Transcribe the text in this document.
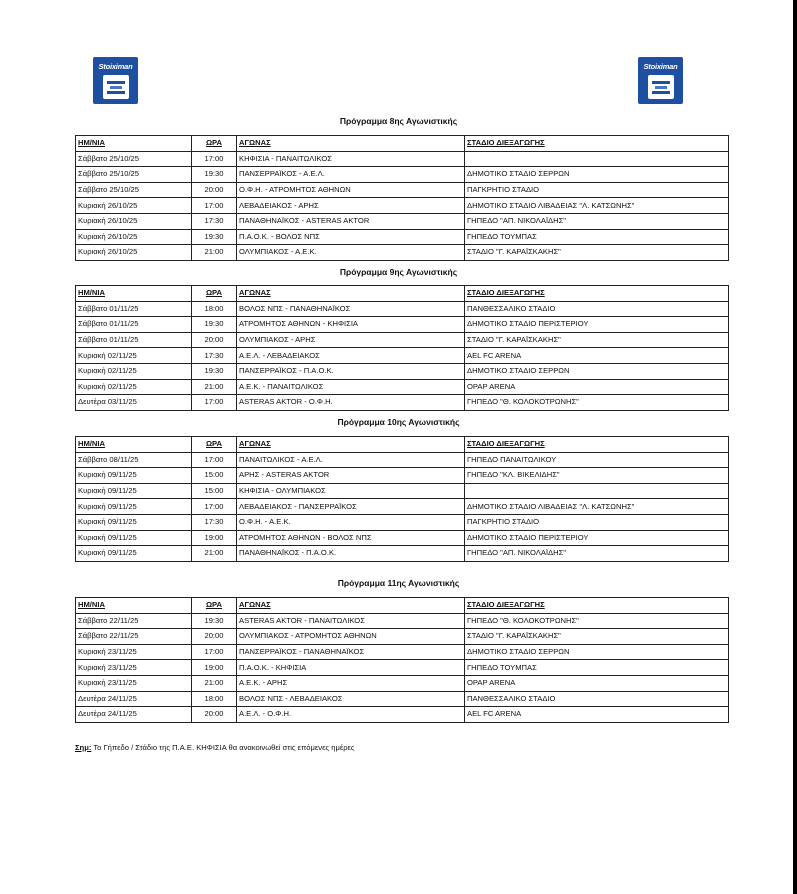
Stoiximan	Stoiximan
Πρόγραμμα 8ης Αγωνιστικής
ΗΜ/ΝΙΑ	ΩΡΑ	ΑΓΩΝΑΣ	ΣΤΑΔΙΟ ΔΙΕΞΑΓΩΓΗΣ
Σάββατο 25/10/25	17:00	ΚΗΦΙΣΙΑ - ΠΑΝΑΙΤΩΛΙΚΟΣ	
Σάββατο 25/10/25	19:30	ΠΑΝΣΕΡΡΑΪΚΟΣ - Α.Ε.Λ.	ΔΗΜΟΤΙΚΟ ΣΤΑΔΙΟ ΣΕΡΡΩΝ
Σάββατο 25/10/25	20:00	Ο.Φ.Η. - ΑΤΡΟΜΗΤΟΣ ΑΘΗΝΩΝ	ΠΑΓΚΡΗΤΙΟ ΣΤΑΔΙΟ
Κυριακή 26/10/25	17:00	ΛΕΒΑΔΕΙΑΚΟΣ - ΑΡΗΣ	ΔΗΜΟΤΙΚΟ ΣΤΑΔΙΟ ΛΙΒΑΔΕΙΑΣ "Λ. ΚΑΤΣΩΝΗΣ"
Κυριακή 26/10/25	17:30	ΠΑΝΑΘΗΝΑΪΚΟΣ - ASTERAS AKTOR	ΓΗΠΕΔΟ "ΑΠ. ΝΙΚΟΛΑΪΔΗΣ"
Κυριακή 26/10/25	19:30	Π.Α.Ο.Κ. - ΒΟΛΟΣ ΝΠΣ	ΓΗΠΕΔΟ ΤΟΥΜΠΑΣ
Κυριακή 26/10/25	21:00	ΟΛΥΜΠΙΑΚΟΣ - Α.Ε.Κ.	ΣΤΑΔΙΟ "Γ. ΚΑΡΑΪΣΚΑΚΗΣ"
Πρόγραμμα 9ης Αγωνιστικής
ΗΜ/ΝΙΑ	ΩΡΑ	ΑΓΩΝΑΣ	ΣΤΑΔΙΟ ΔΙΕΞΑΓΩΓΗΣ
Σάββατο 01/11/25	18:00	ΒΟΛΟΣ ΝΠΣ - ΠΑΝΑΘΗΝΑΪΚΟΣ	ΠΑΝΘΕΣΣΑΛΙΚΟ ΣΤΑΔΙΟ
Σάββατο 01/11/25	19:30	ΑΤΡΟΜΗΤΟΣ ΑΘΗΝΩΝ - ΚΗΦΙΣΙΑ	ΔΗΜΟΤΙΚΟ ΣΤΑΔΙΟ ΠΕΡΙΣΤΕΡΙΟΥ
Σάββατο 01/11/25	20:00	ΟΛΥΜΠΙΑΚΟΣ - ΑΡΗΣ	ΣΤΑΔΙΟ "Γ. ΚΑΡΑΪΣΚΑΚΗΣ"
Κυριακή 02/11/25	17:30	Α.Ε.Λ. - ΛΕΒΑΔΕΙΑΚΟΣ	AEL FC ARENA
Κυριακή 02/11/25	19:30	ΠΑΝΣΕΡΡΑΪΚΟΣ - Π.Α.Ο.Κ.	ΔΗΜΟΤΙΚΟ ΣΤΑΔΙΟ ΣΕΡΡΩΝ
Κυριακή 02/11/25	21:00	Α.Ε.Κ. - ΠΑΝΑΙΤΩΛΙΚΟΣ	OPAP ARENA
Δευτέρα 03/11/25	17:00	ASTERAS AKTOR - Ο.Φ.Η.	ΓΗΠΕΔΟ "Θ. ΚΟΛΟΚΟΤΡΩΝΗΣ"
Πρόγραμμα 10ης Αγωνιστικής
ΗΜ/ΝΙΑ	ΩΡΑ	ΑΓΩΝΑΣ	ΣΤΑΔΙΟ ΔΙΕΞΑΓΩΓΗΣ
Σάββατο 08/11/25	17:00	ΠΑΝΑΙΤΩΛΙΚΟΣ - Α.Ε.Λ.	ΓΗΠΕΔΟ ΠΑΝΑΙΤΩΛΙΚΟΥ
Κυριακή 09/11/25	15:00	ΑΡΗΣ - ASTERAS AKTOR	ΓΗΠΕΔΟ "ΚΛ. ΒΙΚΕΛΙΔΗΣ"
Κυριακή 09/11/25	15:00	ΚΗΦΙΣΙΑ - ΟΛΥΜΠΙΑΚΟΣ	
Κυριακή 09/11/25	17:00	ΛΕΒΑΔΕΙΑΚΟΣ - ΠΑΝΣΕΡΡΑΪΚΟΣ	ΔΗΜΟΤΙΚΟ ΣΤΑΔΙΟ ΛΙΒΑΔΕΙΑΣ "Λ. ΚΑΤΣΩΝΗΣ"
Κυριακή 09/11/25	17:30	Ο.Φ.Η. - Α.Ε.Κ.	ΠΑΓΚΡΗΤΙΟ ΣΤΑΔΙΟ
Κυριακή 09/11/25	19:00	ΑΤΡΟΜΗΤΟΣ ΑΘΗΝΩΝ - ΒΟΛΟΣ ΝΠΣ	ΔΗΜΟΤΙΚΟ ΣΤΑΔΙΟ ΠΕΡΙΣΤΕΡΙΟΥ
Κυριακή 09/11/25	21:00	ΠΑΝΑΘΗΝΑΪΚΟΣ - Π.Α.Ο.Κ.	ΓΗΠΕΔΟ "ΑΠ. ΝΙΚΟΛΑΪΔΗΣ"
Πρόγραμμα 11ης Αγωνιστικής
ΗΜ/ΝΙΑ	ΩΡΑ	ΑΓΩΝΑΣ	ΣΤΑΔΙΟ ΔΙΕΞΑΓΩΓΗΣ
Σάββατο 22/11/25	19:30	ASTERAS AKTOR - ΠΑΝΑΙΤΩΛΙΚΟΣ	ΓΗΠΕΔΟ "Θ. ΚΟΛΟΚΟΤΡΩΝΗΣ"
Σάββατο 22/11/25	20:00	ΟΛΥΜΠΙΑΚΟΣ - ΑΤΡΟΜΗΤΟΣ ΑΘΗΝΩΝ	ΣΤΑΔΙΟ "Γ. ΚΑΡΑΪΣΚΑΚΗΣ"
Κυριακή 23/11/25	17:00	ΠΑΝΣΕΡΡΑΪΚΟΣ - ΠΑΝΑΘΗΝΑΪΚΟΣ	ΔΗΜΟΤΙΚΟ ΣΤΑΔΙΟ ΣΕΡΡΩΝ
Κυριακή 23/11/25	19:00	Π.Α.Ο.Κ. - ΚΗΦΙΣΙΑ	ΓΗΠΕΔΟ ΤΟΥΜΠΑΣ
Κυριακή 23/11/25	21:00	Α.Ε.Κ. - ΑΡΗΣ	OPAP ARENA
Δευτέρα 24/11/25	18:00	ΒΟΛΟΣ ΝΠΣ - ΛΕΒΑΔΕΙΑΚΟΣ	ΠΑΝΘΕΣΣΑΛΙΚΟ ΣΤΑΔΙΟ
Δευτέρα 24/11/25	20:00	Α.Ε.Λ. - Ο.Φ.Η.	AEL FC ARENA
Σημ: Το Γήπεδο / Στάδιο της Π.Α.Ε. ΚΗΦΙΣΙΑ θα ανακοινωθεί στις επόμενες ημέρες
